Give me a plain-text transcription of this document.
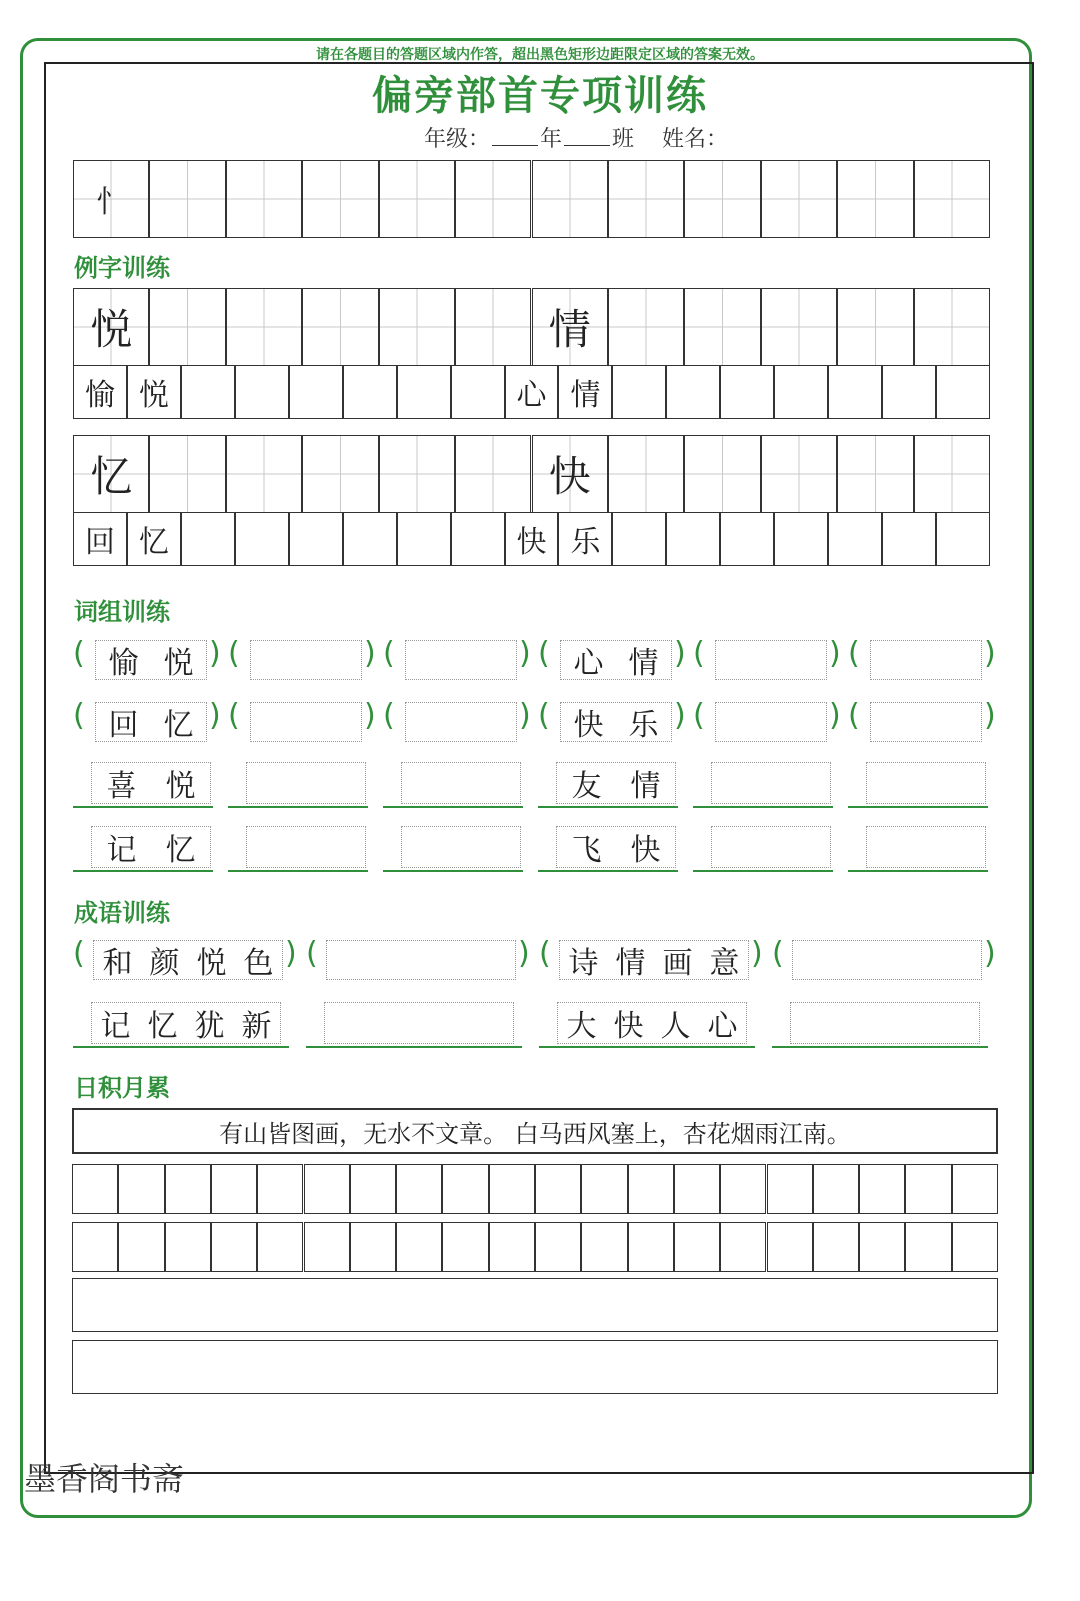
请在各题目的答题区域内作答，超出黑色矩形边距限定区域的答案无效。
偏旁部首专项训练
年级： 年 班 姓名：
例字训练
词组训练
成语训练
日积月累
有山皆图画，无水不文章。 白马西风塞上，杏花烟雨江南。
墨香阁书斋
忄
悦	情
愉 悦	心 情
忆	快
回 忆	快 乐
( 愉 悦 ) (	) (	) ( 心 情 ) (	) (	)
( 回 忆 ) (	) (	) ( 快 乐 ) (	) (	)
喜 悦	友 情
记 忆	飞 快
( 和 颜 悦 色 ) (	) ( 诗 情 画 意 ) (	)
记 忆 犹 新	大 快 人 心
